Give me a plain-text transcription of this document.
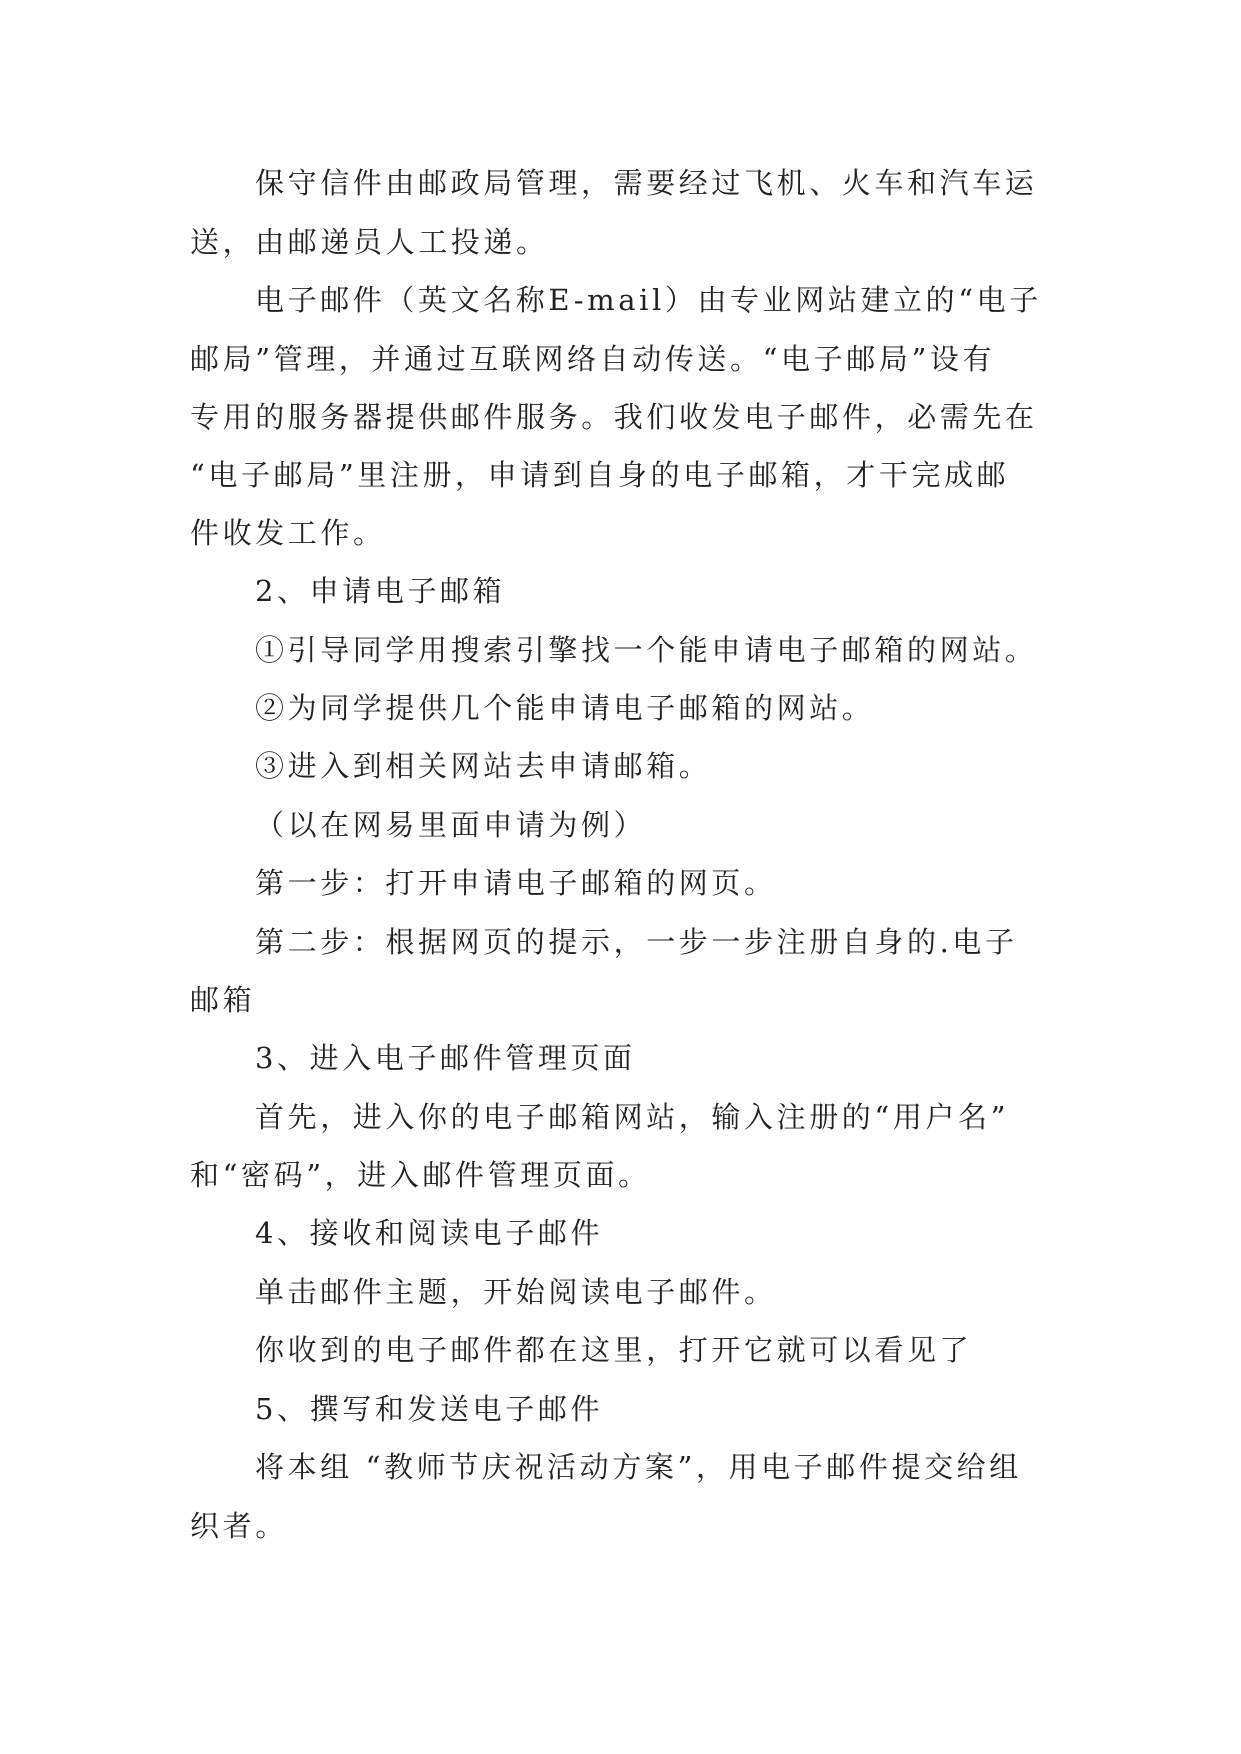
保守信件由邮政局管理，需要经过飞机、火车和汽车运
送，由邮递员人工投递。
电子邮件（英文名称E-mail）由专业网站建立的“电子
邮局”管理，并通过互联网络自动传送。“电子邮局”设有
专用的服务器提供邮件服务。我们收发电子邮件，必需先在
“电子邮局”里注册，申请到自身的电子邮箱，才干完成邮
件收发工作。
2、申请电子邮箱
①引导同学用搜索引擎找一个能申请电子邮箱的网站。
②为同学提供几个能申请电子邮箱的网站。
③进入到相关网站去申请邮箱。
（以在网易里面申请为例）
第一步：打开申请电子邮箱的网页。
第二步：根据网页的提示，一步一步注册自身的.电子
邮箱
3、进入电子邮件管理页面
首先，进入你的电子邮箱网站，输入注册的“用户名”
和“密码”，进入邮件管理页面。
4、接收和阅读电子邮件
单击邮件主题，开始阅读电子邮件。
你收到的电子邮件都在这里，打开它就可以看见了
5、撰写和发送电子邮件
将本组 “教师节庆祝活动方案”，用电子邮件提交给组
织者。
